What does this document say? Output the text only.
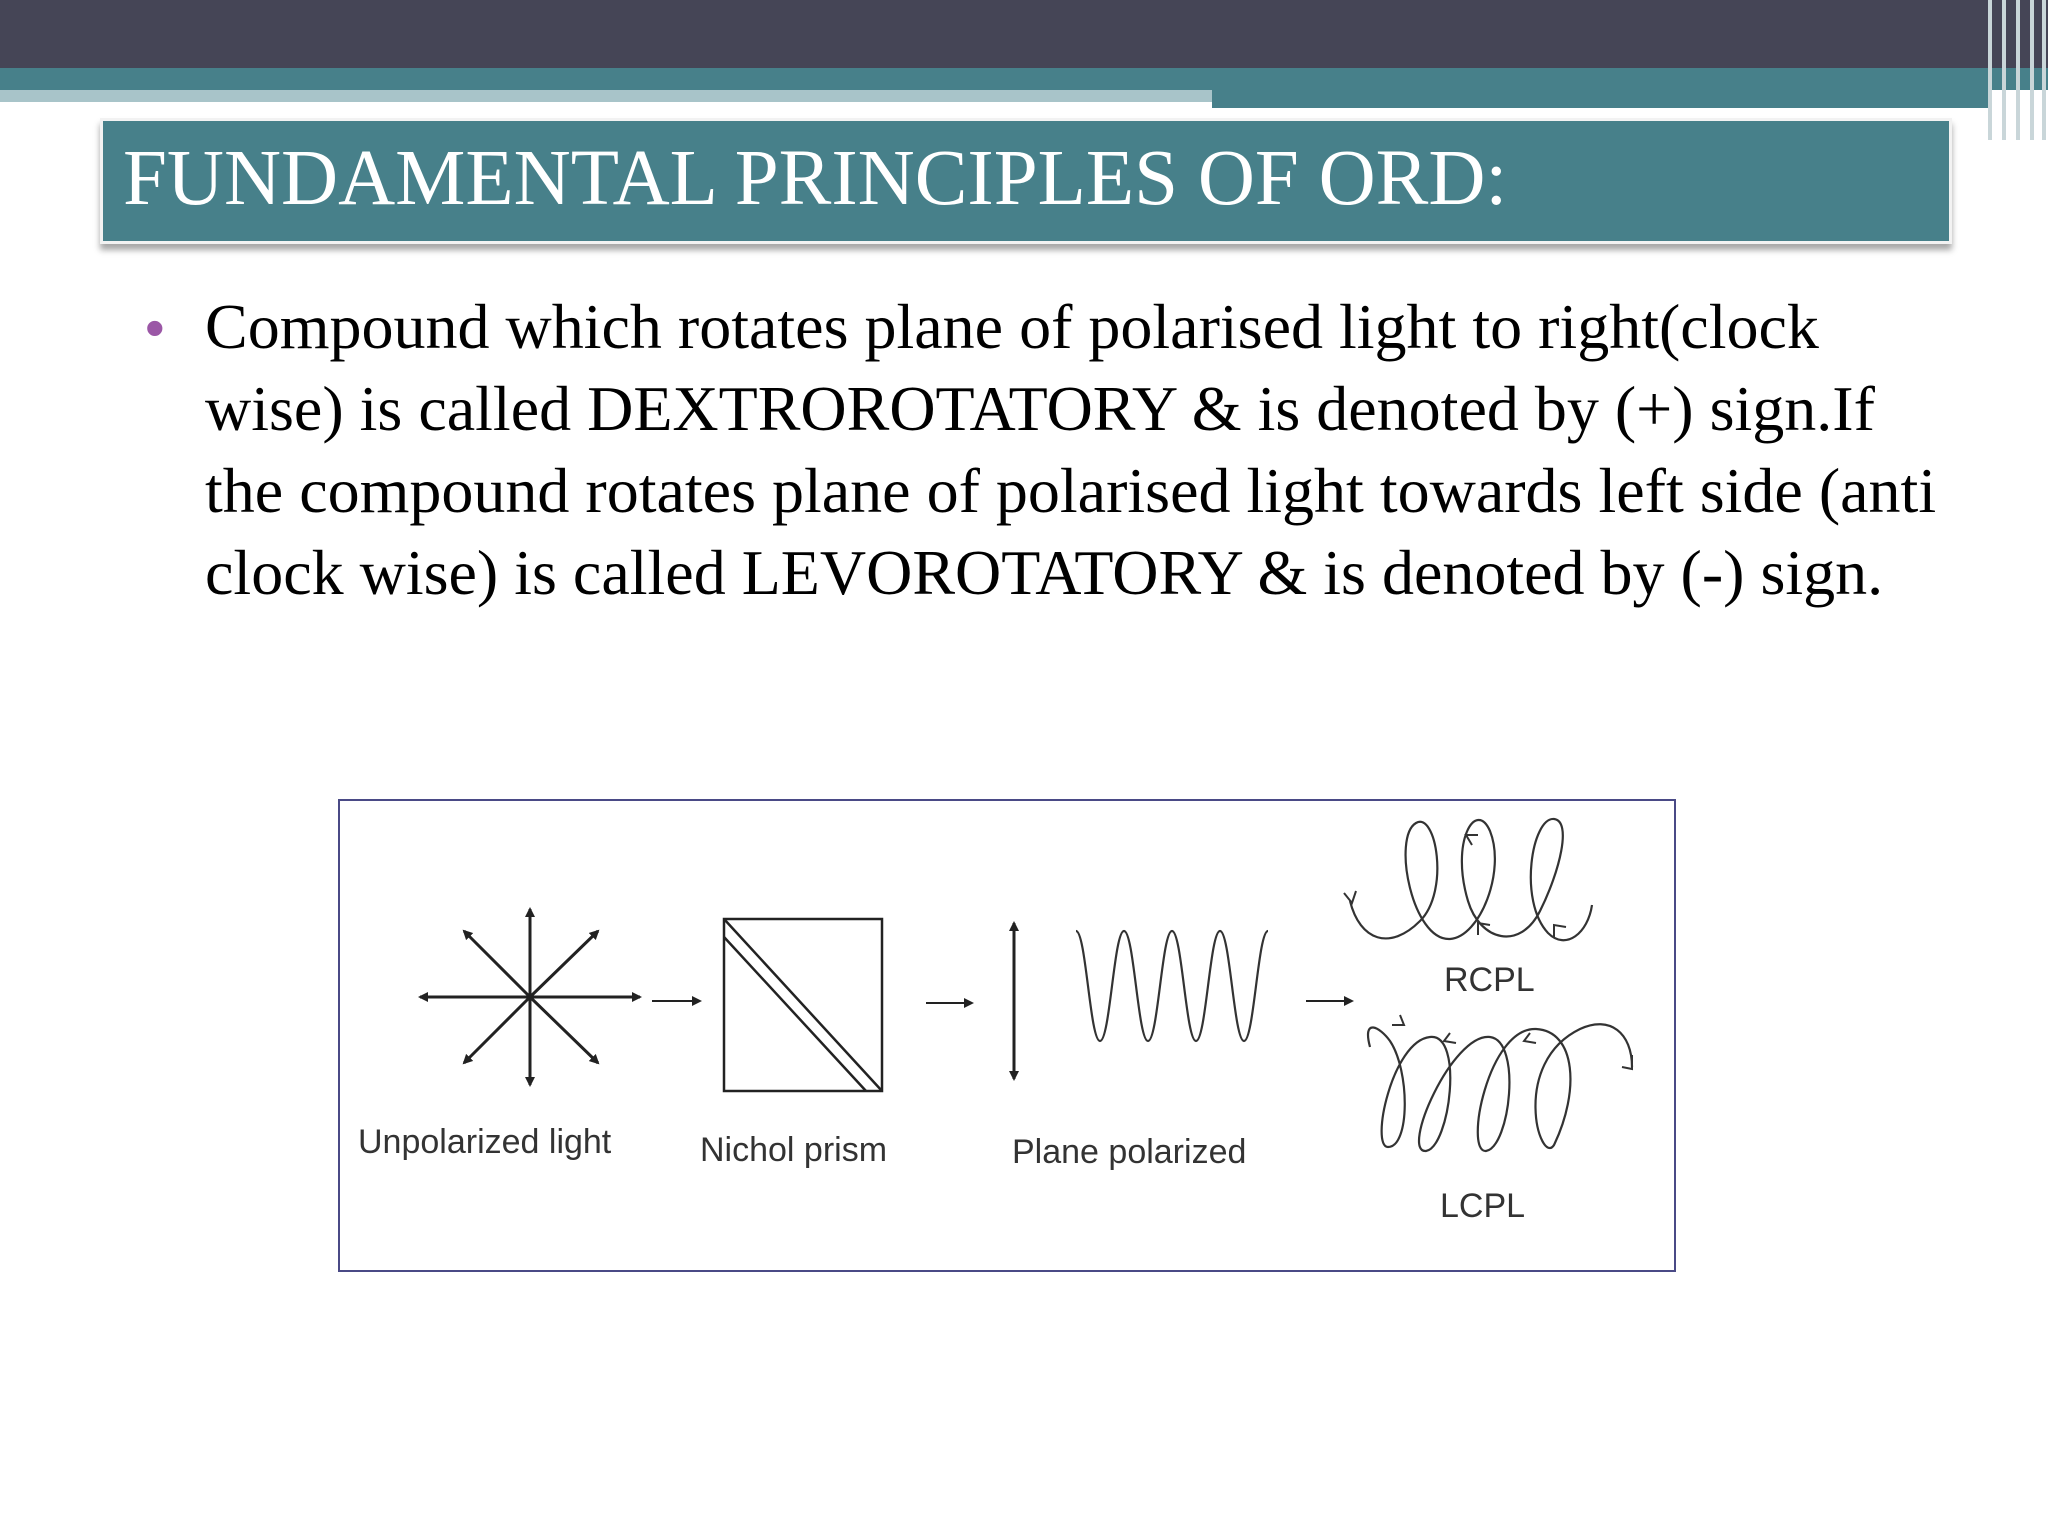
FUNDAMENTAL PRINCIPLES OF ORD:
• Compound which rotates plane of polarised light to right(clock wise) is called DEXTROROTATORY & is denoted by (+) sign.If the compound rotates plane of polarised light towards left side (anti clock wise) is called LEVOROTATORY & is denoted by (-) sign.
Unpolarized light	Nichol prism	Plane polarized
RCPL
LCPL
